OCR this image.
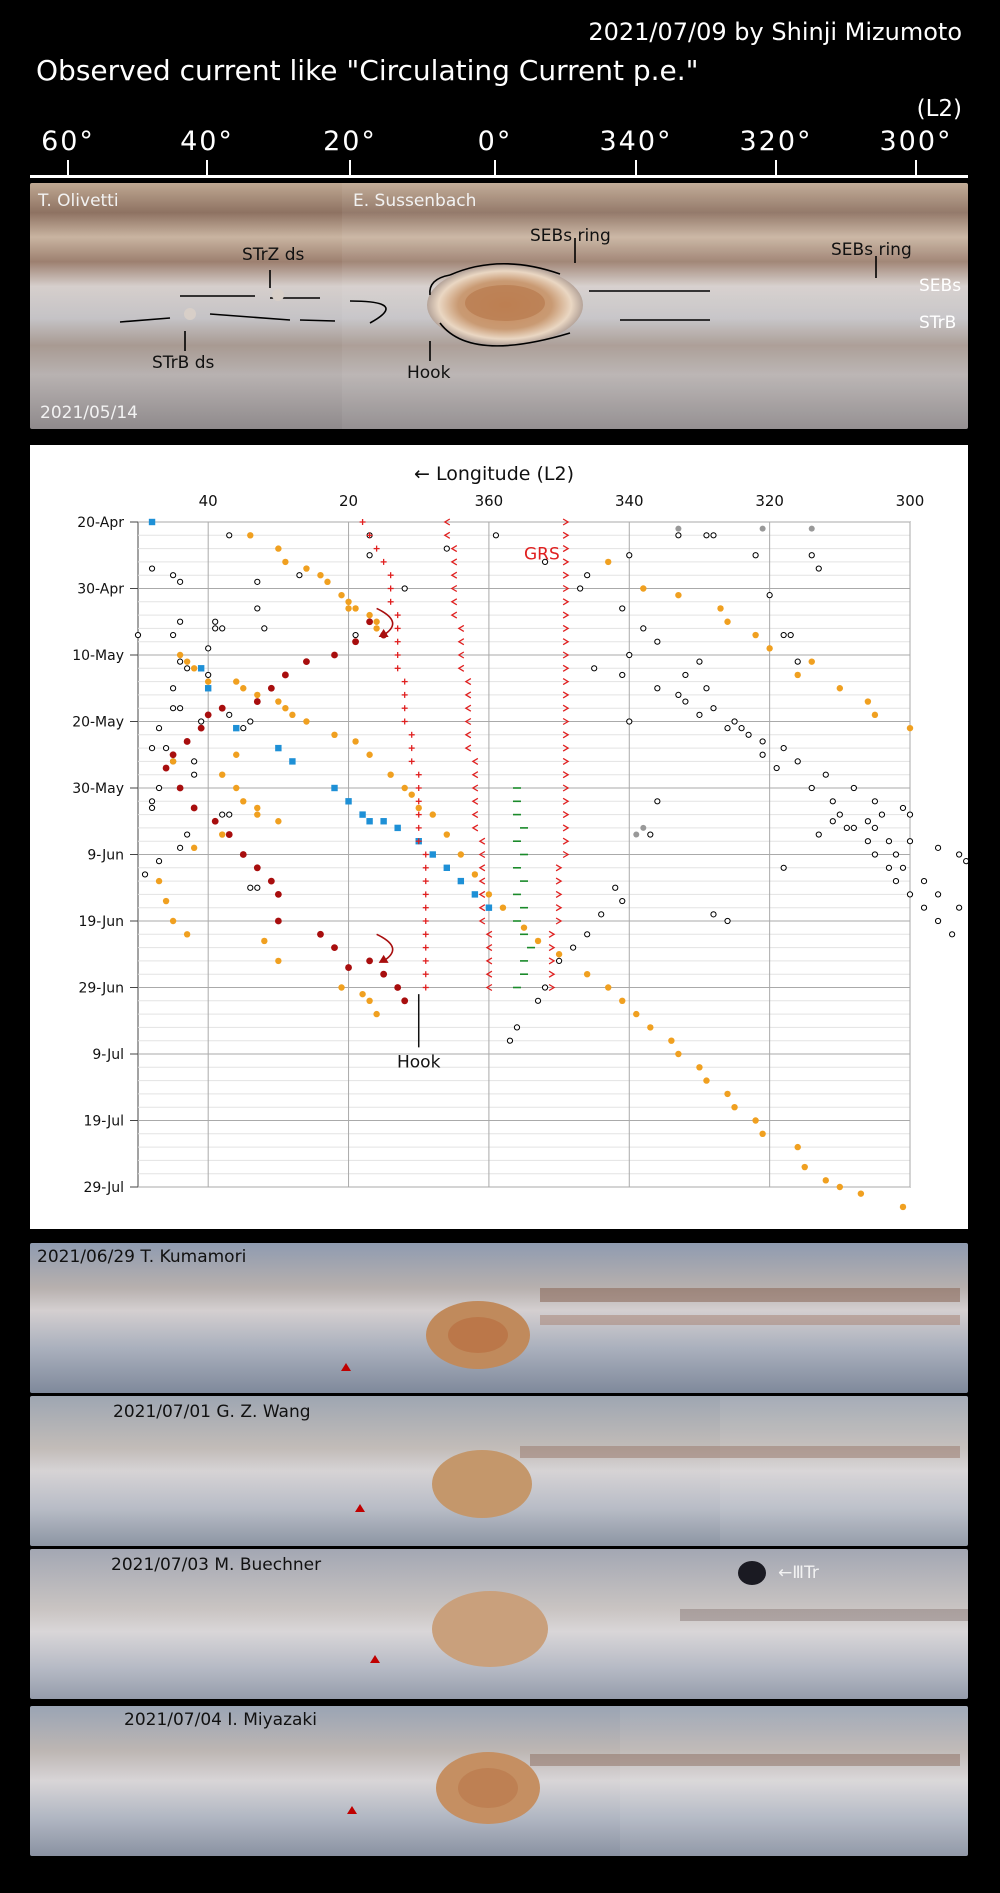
2021/07/09 by Shinji Mizumoto
Observed current like "Circulating Current p.e."
(L2)
60°	40°	20°	0°	340° 320° 300°
T. Olivetti	E. Sussenbach
2021/05/14
STrZ ds
STrB ds
SEBs ring
SEBs ring
Hook
SEBs
STrB
← Longitude (L2)
40	20	360	340	320	300
20-Apr
30-Apr
10-May
20-May
30-May
9-Jun
19-Jun
29-Jun
9-Jul
19-Jul
29-Jul
GRS
Hook
2021/06/29 T. Kumamori
2021/07/01 G. Z. Wang
2021/07/03 M. Buechner	←ⅢTr
2021/07/04 I. Miyazaki
